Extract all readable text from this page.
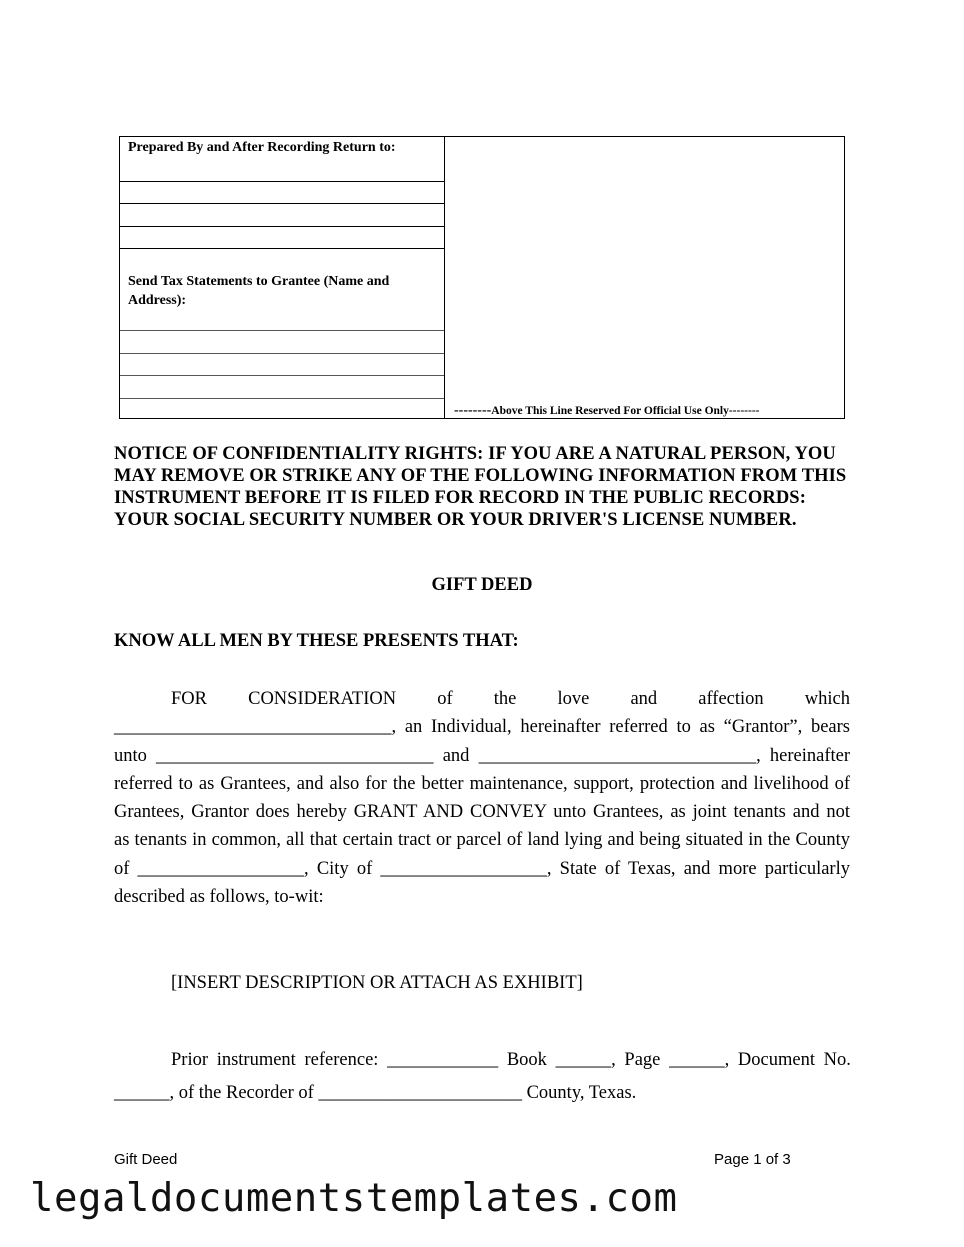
Prepared By and After Recording Return to:
Send Tax Statements to Grantee (Name and Address):
--------Above This Line Reserved For Official Use Only--------
NOTICE OF CONFIDENTIALITY RIGHTS: IF YOU ARE A NATURAL PERSON, YOU MAY REMOVE OR STRIKE ANY OF THE FOLLOWING INFORMATION FROM THIS INSTRUMENT BEFORE IT IS FILED FOR RECORD IN THE PUBLIC RECORDS: YOUR SOCIAL SECURITY NUMBER OR YOUR DRIVER'S LICENSE NUMBER.
GIFT DEED
KNOW ALL MEN BY THESE PRESENTS THAT:
FOR CONSIDERATION of the love and affection which
______________________________, an Individual, hereinafter referred to as “Grantor”, bears
unto ______________________________ and ______________________________, hereinafter
referred to as Grantees, and also for the better maintenance, support, protection and livelihood of
Grantees, Grantor does hereby GRANT AND CONVEY unto Grantees, as joint tenants and not
as tenants in common, all that certain tract or parcel of land lying and being situated in the County
of __________________, City of __________________, State of Texas, and more particularly
described as follows, to-wit:
[INSERT DESCRIPTION OR ATTACH AS EXHIBIT]
Prior instrument reference: ____________ Book ______, Page ______, Document No.
______, of the Recorder of ______________________ County, Texas.
Gift Deed	Page 1 of 3
legaldocumentstemplates.com
